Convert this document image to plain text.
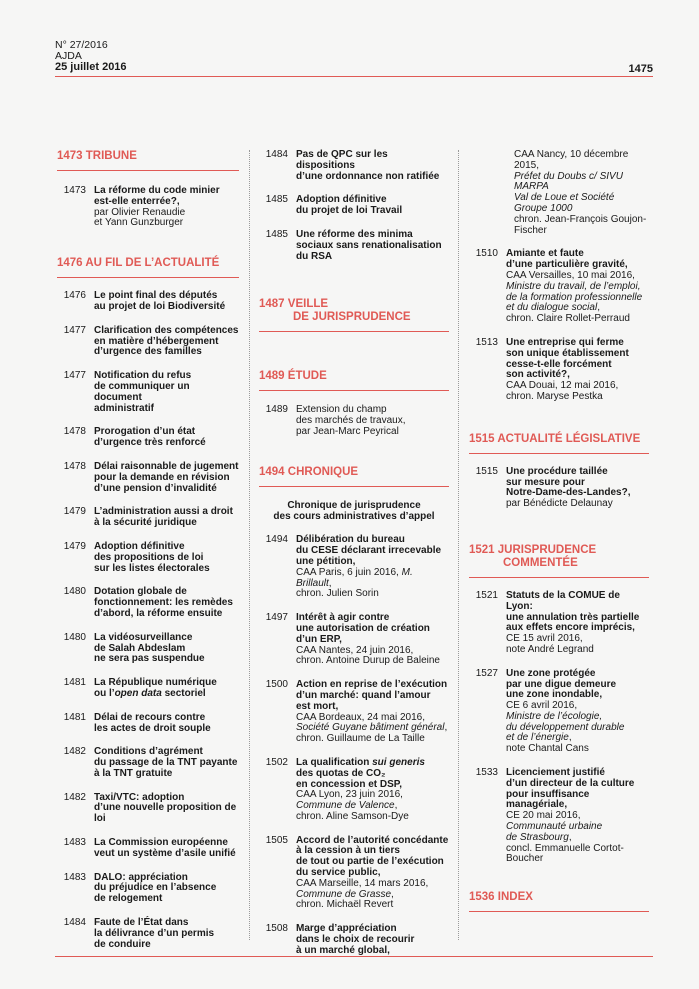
N° 27/2016
AJDA
25 juillet 2016	1475
1473 TRIBUNE
1473 La réforme du code minier
est-elle enterrée?,
par Olivier Renaudie
et Yann Gunzburger
1476 AU FIL DE L’ACTUALITÉ
1476 Le point final des députés
au projet de loi Biodiversité
1477 Clarification des compétences
en matière d’hébergement
d’urgence des familles
1477 Notification du refus
de communiquer un document
administratif
1478 Prorogation d’un état
d’urgence très renforcé
1478 Délai raisonnable de jugement
pour la demande en révision
d’une pension d’invalidité
1479 L’administration aussi a droit
à la sécurité juridique
1479 Adoption définitive
des propositions de loi
sur les listes électorales
1480 Dotation globale de
fonctionnement: les remèdes
d’abord, la réforme ensuite
1480 La vidéosurveillance
de Salah Abdeslam
ne sera pas suspendue
1481 La République numérique
ou l’open data sectoriel
1481 Délai de recours contre
les actes de droit souple
1482 Conditions d’agrément
du passage de la TNT payante
à la TNT gratuite
1482 Taxi/VTC: adoption
d’une nouvelle proposition de loi
1483 La Commission européenne
veut un système d’asile unifié
1483 DALO: appréciation
du préjudice en l’absence
de relogement
1484 Faute de l’État dans
la délivrance d’un permis
de conduire
1484 Pas de QPC sur les dispositions
d’une ordonnance non ratifiée
1485 Adoption définitive
du projet de loi Travail
1485 Une réforme des minima
sociaux sans renationalisation
du RSA
1487 VEILLE
DE JURISPRUDENCE
1489 ÉTUDE
1489 Extension du champ
des marchés de travaux,
par Jean-Marc Peyrical
1494 CHRONIQUE
Chronique de jurisprudence
des cours administratives d’appel
1494 Délibération du bureau
du CESE déclarant irrecevable
une pétition,
CAA Paris, 6 juin 2016, M. Brillault,
chron. Julien Sorin
1497 Intérêt à agir contre
une autorisation de création
d’un ERP,
CAA Nantes, 24 juin 2016,
chron. Antoine Durup de Baleine
1500 Action en reprise de l’exécution
d’un marché: quand l’amour
est mort,
CAA Bordeaux, 24 mai 2016,
Société Guyane bâtiment général,
chron. Guillaume de La Taille
1502 La qualification sui generis
des quotas de CO₂
en concession et DSP,
CAA Lyon, 23 juin 2016,
Commune de Valence,
chron. Aline Samson-Dye
1505 Accord de l’autorité concédante
à la cession à un tiers
de tout ou partie de l’exécution
du service public,
CAA Marseille, 14 mars 2016,
Commune de Grasse,
chron. Michaël Revert
1508 Marge d’appréciation
dans le choix de recourir
à un marché global,
CAA Nancy, 10 décembre 2015,
Préfet du Doubs c/ SIVU MARPA
Val de Loue et Société Groupe 1000
chron. Jean-François Goujon-Fischer
1510 Amiante et faute
d’une particulière gravité,
CAA Versailles, 10 mai 2016,
Ministre du travail, de l’emploi,
de la formation professionnelle
et du dialogue social,
chron. Claire Rollet-Perraud
1513 Une entreprise qui ferme
son unique établissement
cesse-t-elle forcément
son activité?,
CAA Douai, 12 mai 2016,
chron. Maryse Pestka
1515 ACTUALITÉ LÉGISLATIVE
1515 Une procédure taillée
sur mesure pour
Notre-Dame-des-Landes?,
par Bénédicte Delaunay
1521 JURISPRUDENCE
COMMENTÉE
1521 Statuts de la COMUE de Lyon:
une annulation très partielle
aux effets encore imprécis,
CE 15 avril 2016,
note André Legrand
1527 Une zone protégée
par une digue demeure
une zone inondable,
CE 6 avril 2016,
Ministre de l’écologie,
du développement durable
et de l’énergie,
note Chantal Cans
1533 Licenciement justifié
d’un directeur de la culture
pour insuffisance managériale,
CE 20 mai 2016,
Communauté urbaine
de Strasbourg,
concl. Emmanuelle Cortot-Boucher
1536 INDEX
